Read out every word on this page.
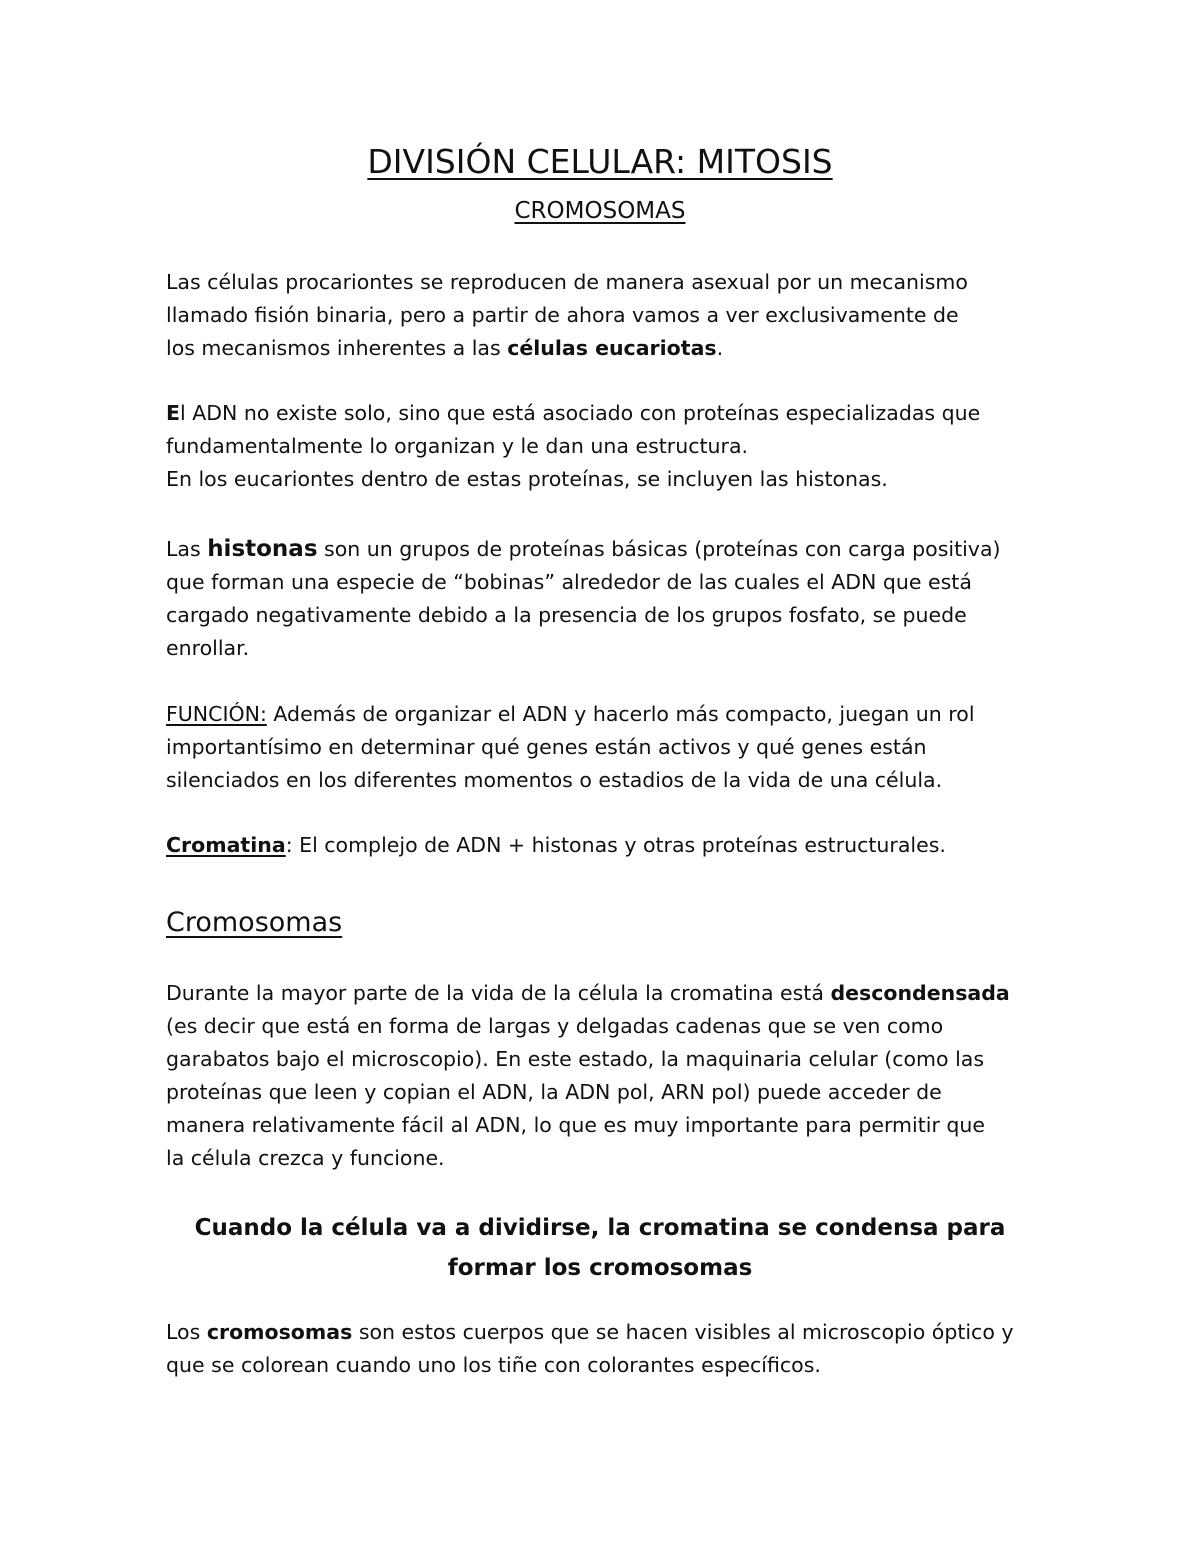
DIVISIÓN CELULAR: MITOSIS
CROMOSOMAS

Las células procariontes se reproducen de manera asexual por un mecanismo
llamado fisión binaria, pero a partir de ahora vamos a ver exclusivamente de
los mecanismos inherentes a las células eucariotas.

El ADN no existe solo, sino que está asociado con proteínas especializadas que
fundamentalmente lo organizan y le dan una estructura.
En los eucariontes dentro de estas proteínas, se incluyen las histonas.

Las histonas son un grupos de proteínas básicas (proteínas con carga positiva)
que forman una especie de “bobinas” alrededor de las cuales el ADN que está
cargado negativamente debido a la presencia de los grupos fosfato, se puede
enrollar.

FUNCIÓN: Además de organizar el ADN y hacerlo más compacto, juegan un rol
importantísimo en determinar qué genes están activos y qué genes están
silenciados en los diferentes momentos o estadios de la vida de una célula.

Cromatina: El complejo de ADN + histonas y otras proteínas estructurales.

Cromosomas

Durante la mayor parte de la vida de la célula la cromatina está descondensada
(es decir que está en forma de largas y delgadas cadenas que se ven como
garabatos bajo el microscopio). En este estado, la maquinaria celular (como las
proteínas que leen y copian el ADN, la ADN pol, ARN pol) puede acceder de
manera relativamente fácil al ADN, lo que es muy importante para permitir que
la célula crezca y funcione.

Cuando la célula va a dividirse, la cromatina se condensa para
formar los cromosomas

Los cromosomas son estos cuerpos que se hacen visibles al microscopio óptico y
que se colorean cuando uno los tiñe con colorantes específicos.
